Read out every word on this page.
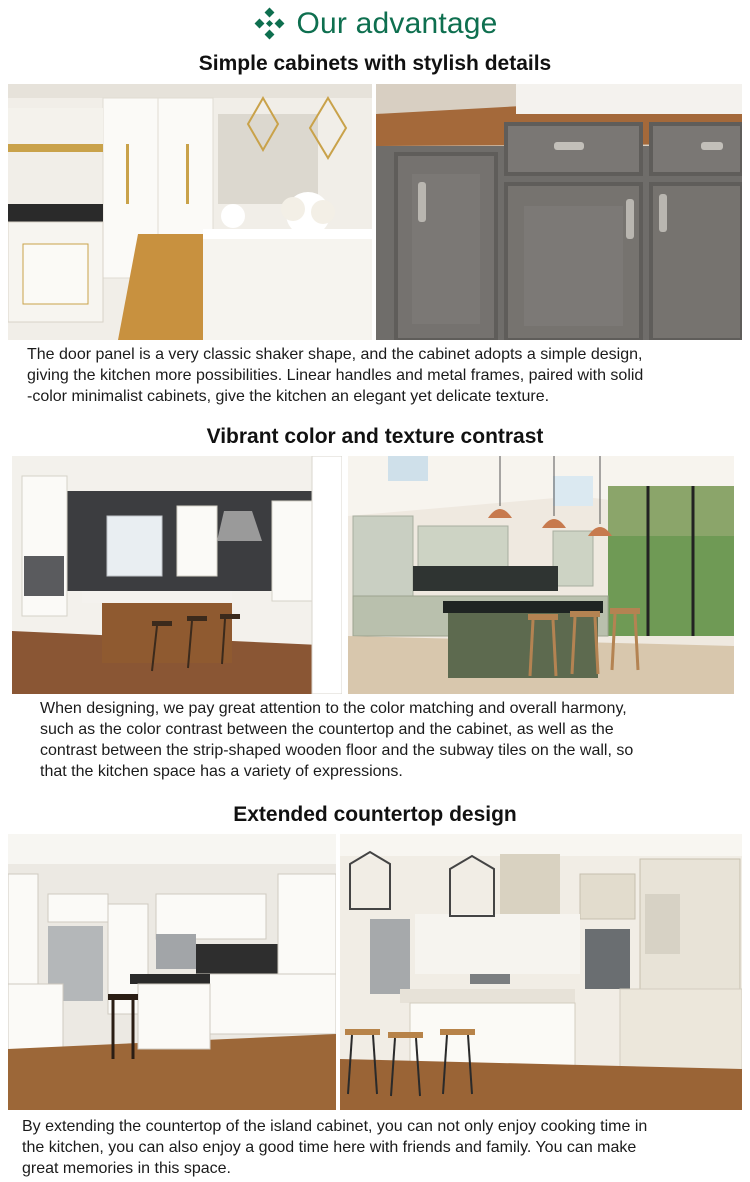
Our advantage
Simple cabinets with stylish details
The door panel is a very classic shaker shape, and the cabinet adopts a simple design,
giving the kitchen more possibilities. Linear handles and metal frames, paired with solid
-color minimalist cabinets, give the kitchen an elegant yet delicate texture.
Vibrant color and texture contrast
When designing, we pay great attention to the color matching and overall harmony,
such as the color contrast between the countertop and the cabinet, as well as the
contrast between the strip-shaped wooden floor and the subway tiles on the wall, so
that the kitchen space has a variety of expressions.
Extended countertop design
By extending the countertop of the island cabinet, you can not only enjoy cooking time in
the kitchen, you can also enjoy a good time here with friends and family. You can make
great memories in this space.
